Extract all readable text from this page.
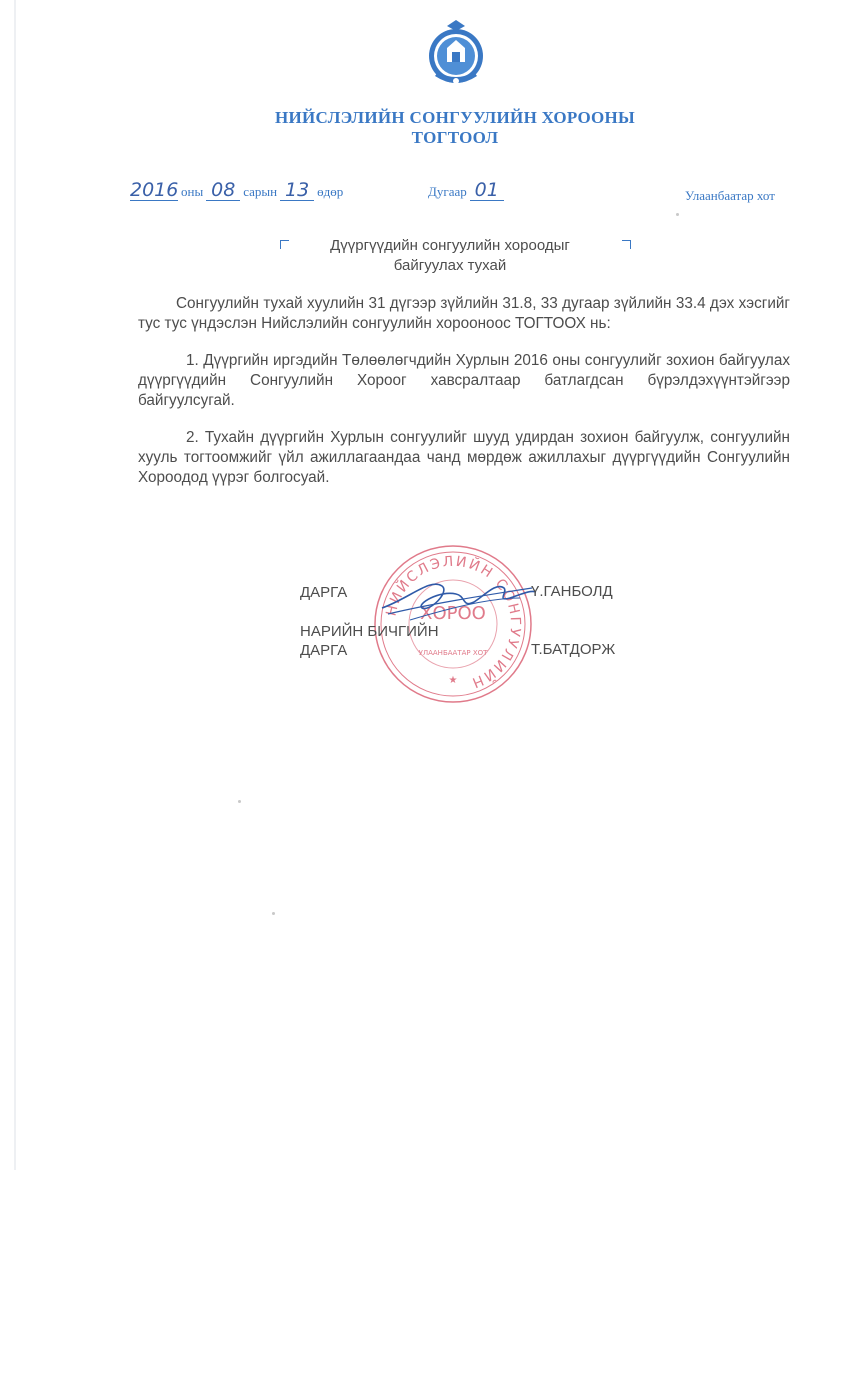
НИЙСЛЭЛИЙН СОНГУУЛИЙН ХОРООНЫ
ТОГТООЛ
2016 оны 08 сарын 13 өдөр	Дугаар 01	Улаанбаатар хот
Дүүргүүдийн сонгуулийн хороодыг
байгуулах тухай
Сонгуулийн тухай хуулийн 31 дүгээр зүйлийн 31.8, 33 дугаар зүйлийн 33.4 дэх хэсгийг тус тус үндэслэн Нийслэлийн сонгуулийн хорооноос ТОГТООХ нь:
1. Дүүргийн иргэдийн Төлөөлөгчдийн Хурлын 2016 оны сонгуулийг зохион байгуулах дүүргүүдийн Сонгуулийн Хороог хавсралтаар батлагдсан бүрэлдэхүүнтэйгээр байгуулсугай.
2. Тухайн дүүргийн Хурлын сонгуулийг шууд удирдан зохион байгуулж, сонгуулийн хууль тогтоомжийг үйл ажиллагаандаа чанд мөрдөж ажиллахыг дүүргүүдийн Сонгуулийн Хороодод үүрэг болгосуай.
НИЙСЛЭЛИЙН СОНГУУЛИЙН
ХОРОО
УЛААНБААТАР ХОТ
★
ДАРГА	Ү.ГАНБОЛД
НАРИЙН БИЧГИЙН
ДАРГА	Т.БАТДОРЖ
